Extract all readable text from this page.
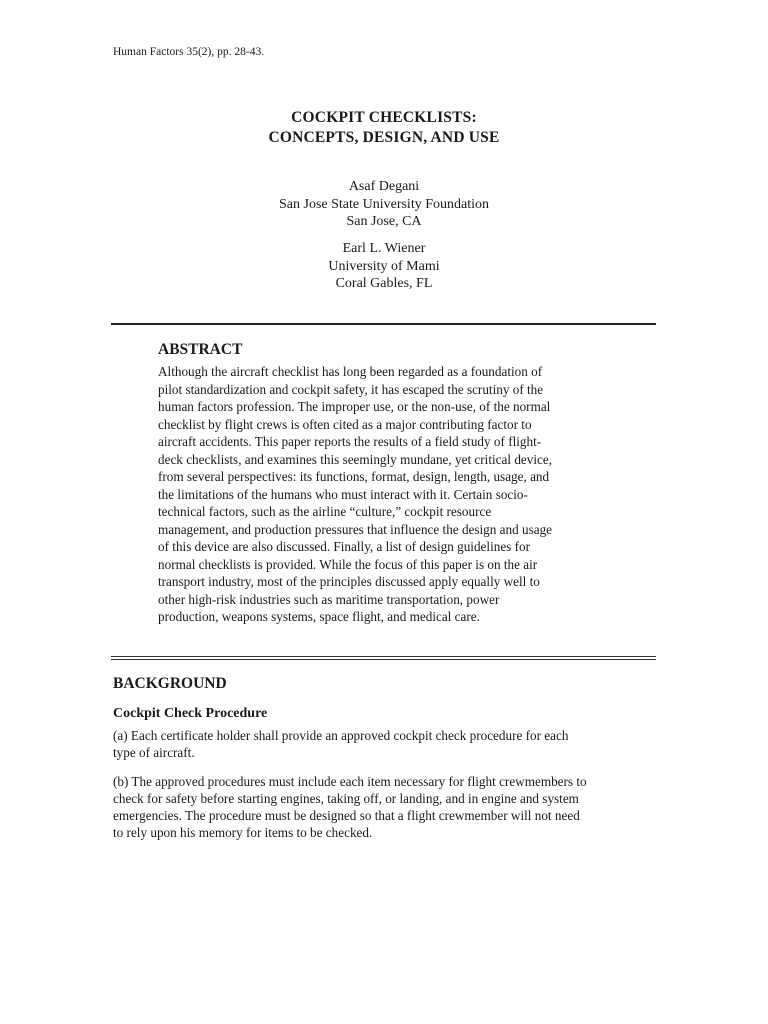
Human Factors 35(2), pp. 28-43.
COCKPIT CHECKLISTS:
CONCEPTS, DESIGN, AND USE
Asaf Degani
San Jose State University Foundation
San Jose, CA
Earl L. Wiener
University of Mami
Coral Gables, FL
ABSTRACT
Although the aircraft checklist has long been regarded as a foundation of
pilot standardization and cockpit safety, it has escaped the scrutiny of the
human factors profession. The improper use, or the non-use, of the normal
checklist by flight crews is often cited as a major contributing factor to
aircraft accidents. This paper reports the results of a field study of flight-
deck checklists, and examines this seemingly mundane, yet critical device,
from several perspectives: its functions, format, design, length, usage, and
the limitations of the humans who must interact with it. Certain socio-
technical factors, such as the airline “culture,” cockpit resource
management, and production pressures that influence the design and usage
of this device are also discussed. Finally, a list of design guidelines for
normal checklists is provided. While the focus of this paper is on the air
transport industry, most of the principles discussed apply equally well to
other high-risk industries such as maritime transportation, power
production, weapons systems, space flight, and medical care.
BACKGROUND
Cockpit Check Procedure
(a) Each certificate holder shall provide an approved cockpit check procedure for each
type of aircraft.
(b) The approved procedures must include each item necessary for flight crewmembers to
check for safety before starting engines, taking off, or landing, and in engine and system
emergencies. The procedure must be designed so that a flight crewmember will not need
to rely upon his memory for items to be checked.
